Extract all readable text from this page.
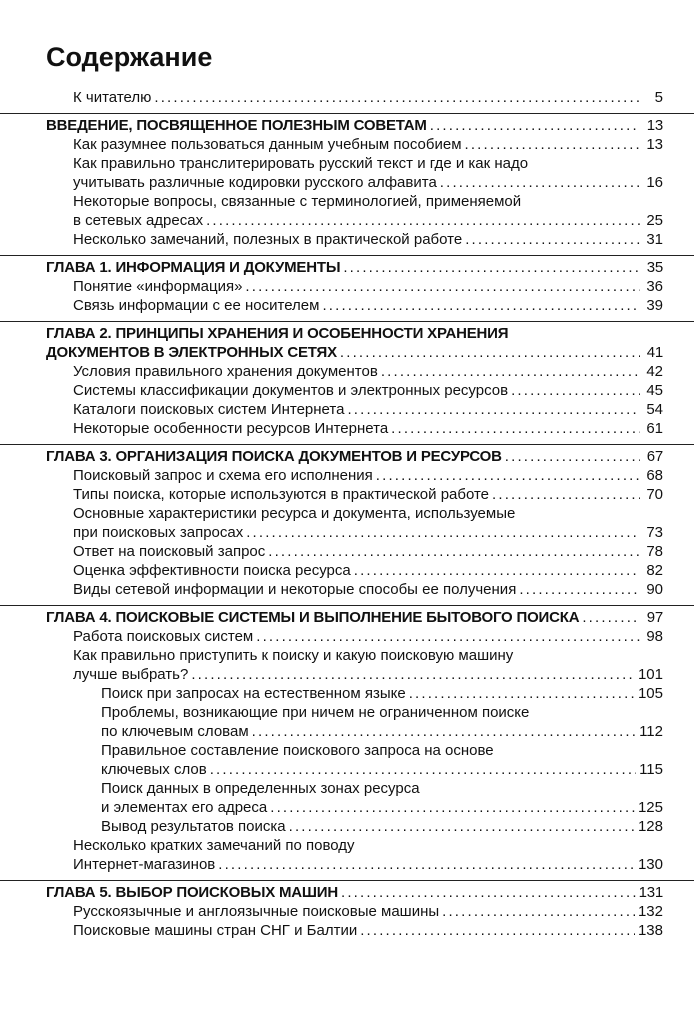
Содержание
К читателю . . .	5
ВВЕДЕНИЕ, ПОСВЯЩЕННОЕ ПОЛЕЗНЫМ СОВЕТАМ . . .	13
Как разумнее пользоваться данным учебным пособием . . .	13
Как правильно транслитерировать русский текст и где и как надо
учитывать различные кодировки русского алфавита . . .	16
Некоторые вопросы, связанные с терминологией, применяемой
в сетевых адресах . . .	25
Несколько замечаний, полезных в практической работе . . .	31
ГЛАВА 1. ИНФОРМАЦИЯ И ДОКУМЕНТЫ . . .	35
Понятие «информация» . . .	36
Связь информации с ее носителем . . .	39
ГЛАВА 2. ПРИНЦИПЫ ХРАНЕНИЯ И ОСОБЕННОСТИ ХРАНЕНИЯ
ДОКУМЕНТОВ В ЭЛЕКТРОННЫХ СЕТЯХ . . .	41
Условия правильного хранения документов . . .	42
Системы классификации документов и электронных ресурсов . . .	45
Каталоги поисковых систем Интернета . . .	54
Некоторые особенности ресурсов Интернета . . .	61
ГЛАВА 3. ОРГАНИЗАЦИЯ ПОИСКА ДОКУМЕНТОВ И РЕСУРСОВ . . .	67
Поисковый запрос и схема его исполнения . . .	68
Типы поиска, которые используются в практической работе . . .	70
Основные характеристики ресурса и документа, используемые
при поисковых запросах . . .	73
Ответ на поисковый запрос . . .	78
Оценка эффективности поиска ресурса . . .	82
Виды сетевой информации и некоторые способы ее получения . . .	90
ГЛАВА 4. ПОИСКОВЫЕ СИСТЕМЫ И ВЫПОЛНЕНИЕ БЫТОВОГО ПОИСКА . . .	97
Работа поисковых систем . . .	98
Как правильно приступить к поиску и какую поисковую машину
лучше выбрать? . . .	101
Поиск при запросах на естественном языке . . .	105
Проблемы, возникающие при ничем не ограниченном поиске
по ключевым словам . . .	112
Правильное составление поискового запроса на основе
ключевых слов . . .	115
Поиск данных в определенных зонах ресурса
и элементах его адреса . . .	125
Вывод результатов поиска . . .	128
Несколько кратких замечаний по поводу
Интернет-магазинов . . .	130
ГЛАВА 5. ВЫБОР ПОИСКОВЫХ МАШИН . . .	131
Русскоязычные и англоязычные поисковые машины . . .	132
Поисковые машины стран СНГ и Балтии . . .	138
